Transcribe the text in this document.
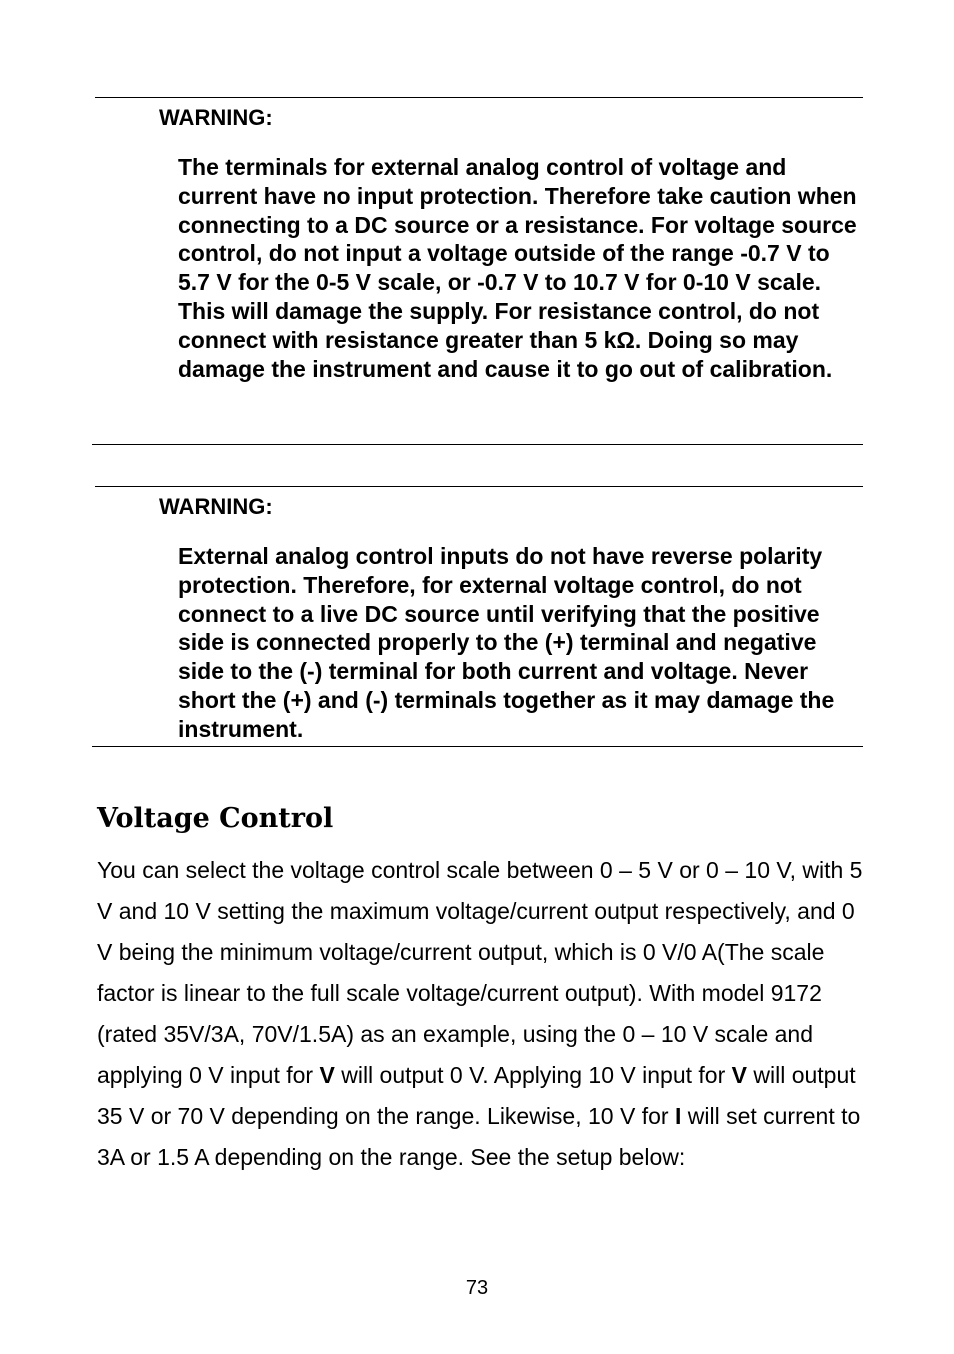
WARNING:
The terminals for external analog control of voltage and current have no input protection. Therefore take caution when connecting to a DC source or a resistance. For voltage source control, do not input a voltage outside of the range -0.7 V to 5.7 V for the 0-5 V scale, or -0.7 V to 10.7 V for 0-10 V scale. This will damage the supply. For resistance control, do not connect with resistance greater than 5 kΩ. Doing so may damage the instrument and cause it to go out of calibration.
WARNING:
External analog control inputs do not have reverse polarity protection. Therefore, for external voltage control, do not connect to a live DC source until verifying that the positive side is connected properly to the (+) terminal and negative side to the (-) terminal for both current and voltage. Never short the (+) and (-) terminals together as it may damage the instrument.
Voltage Control
You can select the voltage control scale between 0 – 5 V or 0 – 10 V, with 5 V and 10 V setting the maximum voltage/current output respectively, and 0 V being the minimum voltage/current output, which is 0 V/0 A(The scale factor is linear to the full scale voltage/current output). With model 9172 (rated 35V/3A, 70V/1.5A) as an example, using the 0 – 10 V scale and applying 0 V input for V will output 0 V. Applying 10 V input for V will output 35 V or 70 V depending on the range. Likewise, 10 V for I will set current to 3A or 1.5 A depending on the range. See the setup below:
73
